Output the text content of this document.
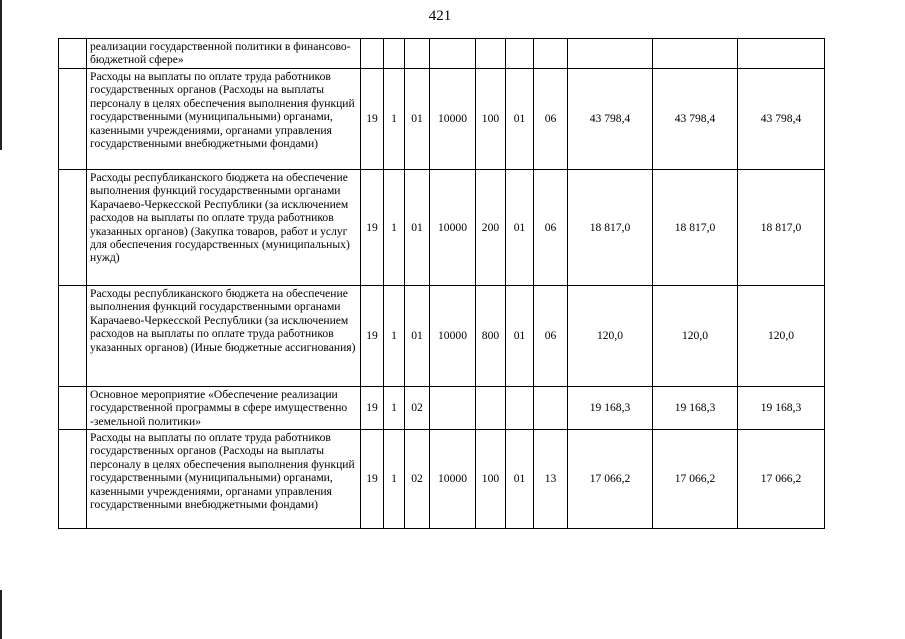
421
	реализации государственной политики в финансово-бюджетной сфере»										
	Расходы на выплаты по оплате труда работников государственных органов (Расходы на выплаты персоналу в целях обеспечения выполнения функций государственными (муниципальными) органами, казенными учреждениями, органами управления государственными внебюджетными фондами)	19	1	01	10000	100	01	06	43 798,4	43 798,4	43 798,4
	Расходы республиканского бюджета на обеспечение выполнения функций государственными органами Карачаево-Черкесской Республики (за исключением расходов на выплаты по оплате труда работников указанных органов) (Закупка товаров, работ и услуг для обеспечения государственных (муниципальных) нужд)	19	1	01	10000	200	01	06	18 817,0	18 817,0	18 817,0
	Расходы республиканского бюджета на обеспечение выполнения функций государственными органами Карачаево-Черкесской Республики (за исключением расходов на выплаты по оплате труда работников указанных органов) (Иные бюджетные ассигнования)	19	1	01	10000	800	01	06	120,0	120,0	120,0
	Основное мероприятие «Обеспечение реализации государственной программы в сфере имущественно -земельной политики»	19	1	02					19 168,3	19 168,3	19 168,3
	Расходы на выплаты по оплате труда работников государственных органов (Расходы на выплаты персоналу в целях обеспечения выполнения функций государственными (муниципальными) органами, казенными учреждениями, органами управления государственными внебюджетными фондами)	19	1	02	10000	100	01	13	17 066,2	17 066,2	17 066,2
